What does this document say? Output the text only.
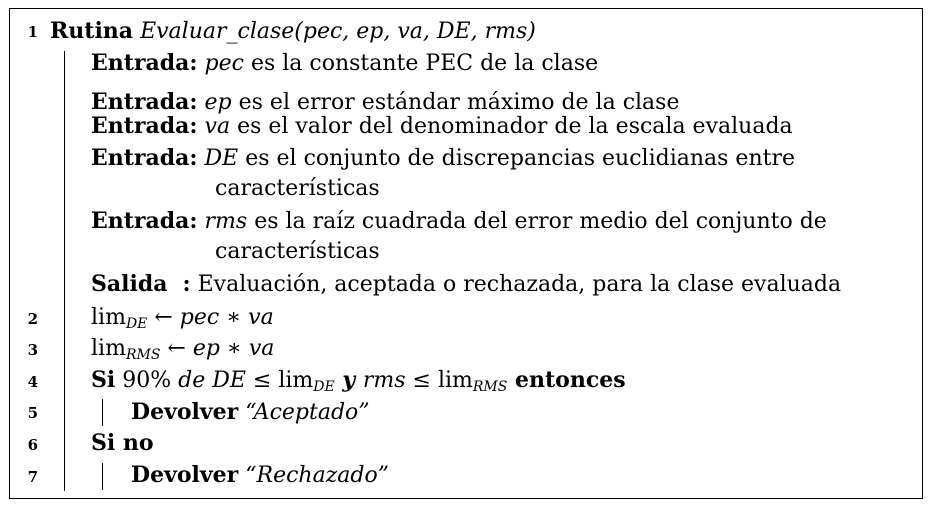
1 Rutina Evaluar_clase(pec, ep, va, DE, rms)
Entrada: pec es la constante PEC de la clase
Entrada: ep es el error estándar máximo de la clase
Entrada: va es el valor del denominador de la escala evaluada
Entrada: DE es el conjunto de discrepancias euclidianas entre
características
Entrada: rms es la raíz cuadrada del error medio del conjunto de
características
Salida : Evaluación, aceptada o rechazada, para la clase evaluada
2 $\lim_{DE}$ ← pec ∗ va
3 $\lim_{RMS}$ ← ep ∗ va
4 Si 90% de DE ≤ $\lim_{DE} y$ rms ≤ $\lim_{RMS}$ entonces
5	Devolver “Aceptado”
6 Si no
7	Devolver “Rechazado”
